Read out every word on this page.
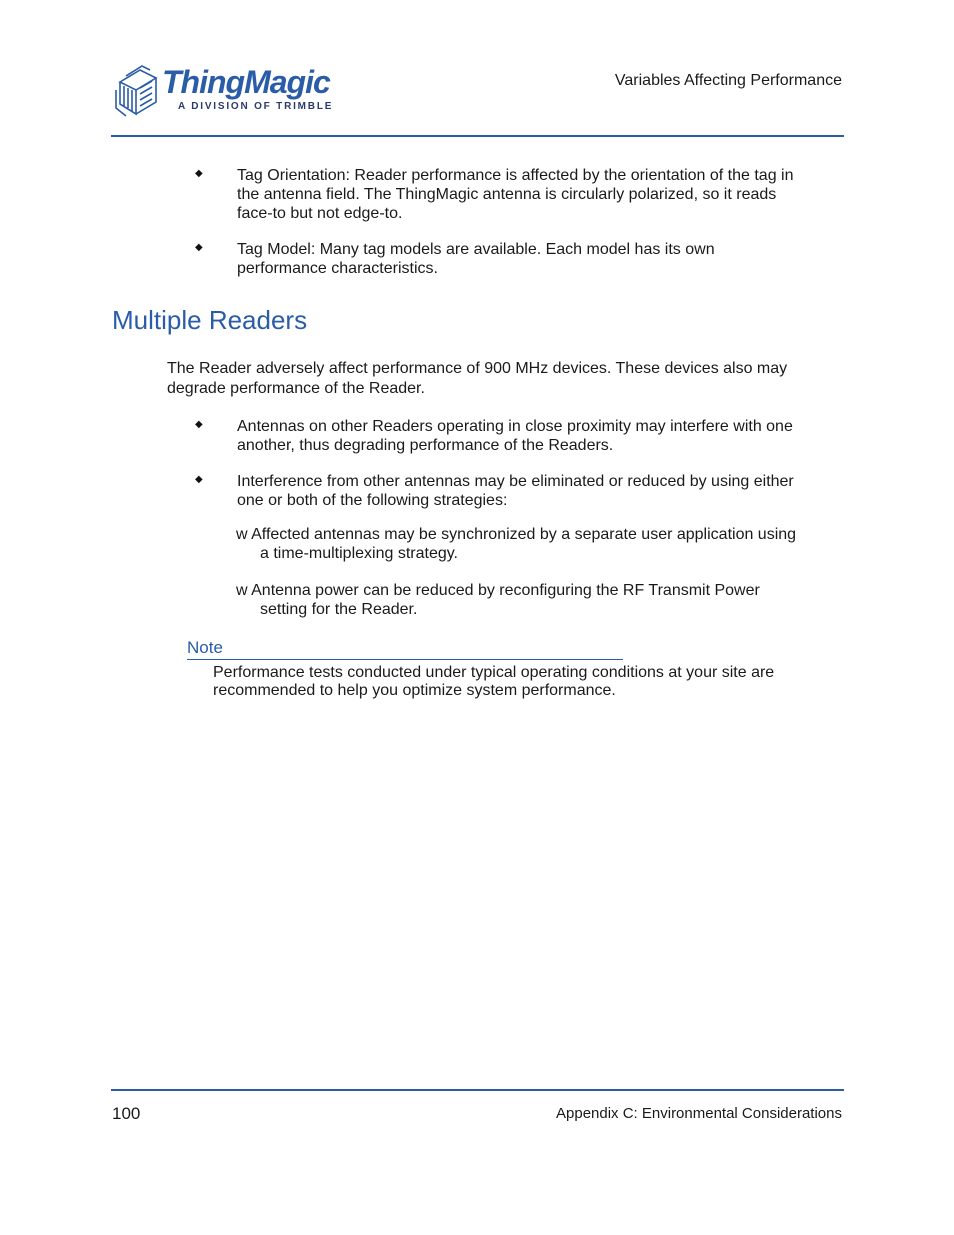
ThingMagic
A DIVISION OF TRIMBLE
Variables Affecting Performance
◆ Tag Orientation: Reader performance is affected by the orientation of the tag in
the antenna field. The ThingMagic antenna is circularly polarized, so it reads
face-to but not edge-to.
◆ Tag Model: Many tag models are available. Each model has its own
performance characteristics.
Multiple Readers
The Reader adversely affect performance of 900 MHz devices. These devices also may
degrade performance of the Reader.
◆ Antennas on other Readers operating in close proximity may interfere with one
another, thus degrading performance of the Readers.
◆ Interference from other antennas may be eliminated or reduced by using either
one or both of the following strategies:
w Affected antennas may be synchronized by a separate user application using
a time-multiplexing strategy.
w Antenna power can be reduced by reconfiguring the RF Transmit Power
setting for the Reader.
Note
Performance tests conducted under typical operating conditions at your site are
recommended to help you optimize system performance.
100	Appendix C: Environmental Considerations
